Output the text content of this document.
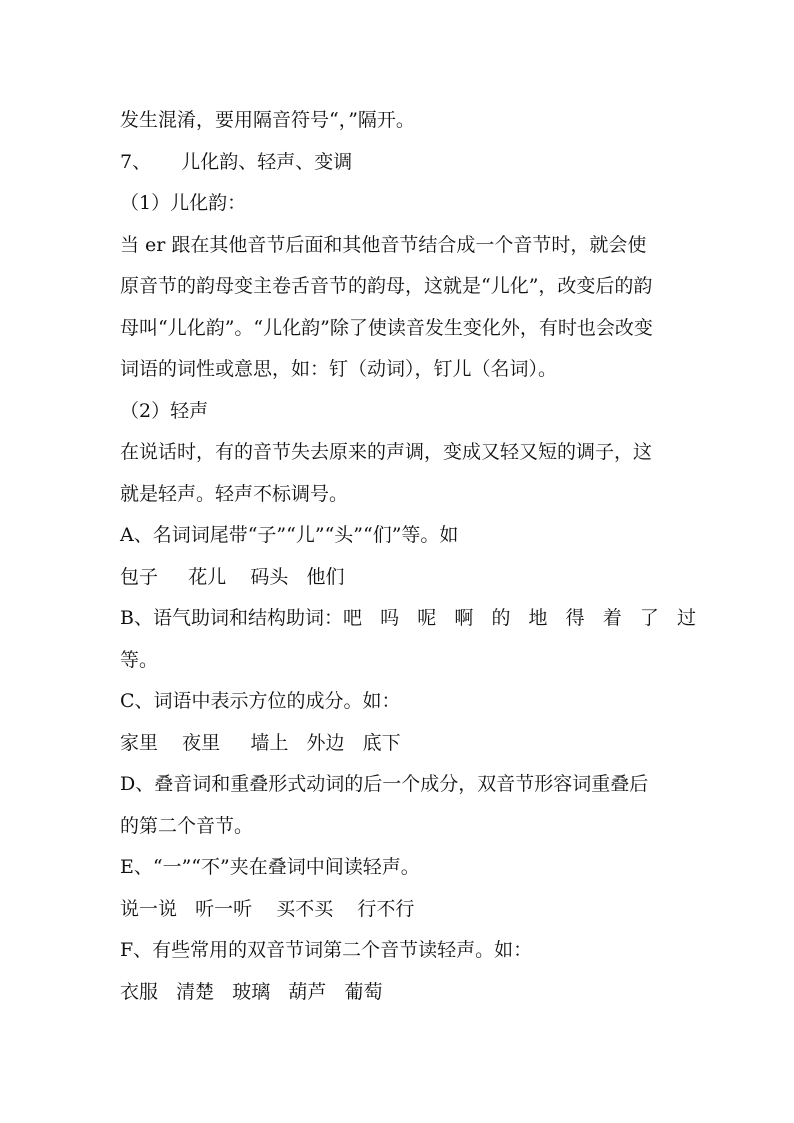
发生混淆，要用隔音符号“，”隔开。
7、     儿化韵、轻声、变调
（1）儿化韵：
当 er 跟在其他音节后面和其他音节结合成一个音节时，就会使
原音节的韵母变主卷舌音节的韵母，这就是“儿化”，改变后的韵
母叫“儿化韵”。“儿化韵”除了使读音发生变化外，有时也会改变
词语的词性或意思，如：钉（动词），钉儿（名词）。
（2）轻声
在说话时，有的音节失去原来的声调，变成又轻又短的调子，这
就是轻声。轻声不标调号。
A、名词词尾带“子”“儿”“头”“们”等。如
包子     花儿    码头   他们
B、语气助词和结构助词：吧   吗   呢   啊   的   地   得   着   了   过
等。
C、词语中表示方位的成分。如：
家里    夜里     墙上   外边   底下
D、叠音词和重叠形式动词的后一个成分，双音节形容词重叠后
的第二个音节。
E、“一”“不”夹在叠词中间读轻声。
说一说   听一听    买不买    行不行
F、有些常用的双音节词第二个音节读轻声。如：
衣服   清楚   玻璃   葫芦   葡萄
